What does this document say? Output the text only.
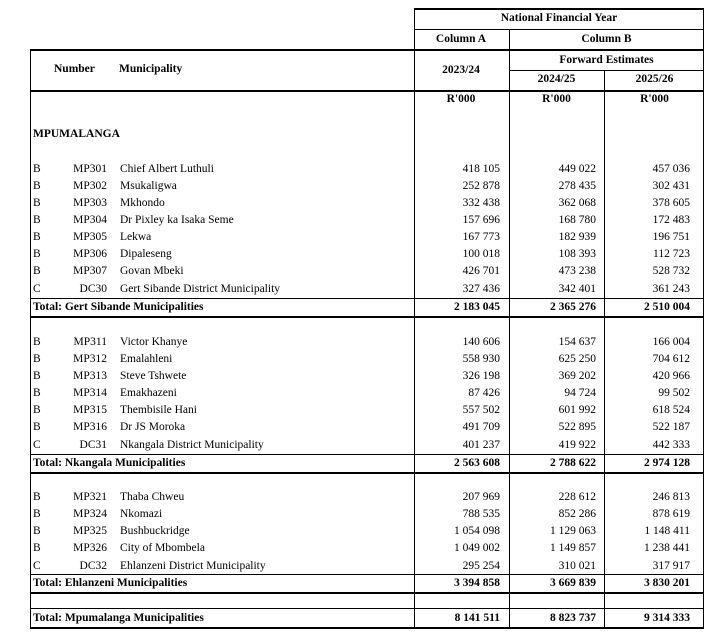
National Financial Year
Column A	Column B
Forward Estimates
Number Municipality	2023/24
2024/25	2025/26
R'000	R'000	R'000
MPUMALANGA
B	MP301 Chief Albert Luthuli	418 105	449 022	457 036
B	MP302 Msukaligwa	252 878	278 435	302 431
B	MP303 Mkhondo	332 438	362 068	378 605
B	MP304 Dr Pixley ka Isaka Seme	157 696	168 780	172 483
B	MP305 Lekwa	167 773	182 939	196 751
B	MP306 Dipaleseng	100 018	108 393	112 723
B	MP307 Govan Mbeki	426 701	473 238	528 732
C	DC30 Gert Sibande District Municipality	327 436	342 401	361 243
Total: Gert Sibande Municipalities	2 183 045	2 365 276	2 510 004
B	MP311 Victor Khanye	140 606	154 637	166 004
B	MP312 Emalahleni	558 930	625 250	704 612
B	MP313 Steve Tshwete	326 198	369 202	420 966
B	MP314 Emakhazeni	87 426	94 724	99 502
B	MP315 Thembisile Hani	557 502	601 992	618 524
B	MP316 Dr JS Moroka	491 709	522 895	522 187
C	DC31 Nkangala District Municipality	401 237	419 922	442 333
Total: Nkangala Municipalities	2 563 608	2 788 622	2 974 128
B	MP321 Thaba Chweu	207 969	228 612	246 813
B	MP324 Nkomazi	788 535	852 286	878 619
B	MP325 Bushbuckridge	1 054 098	1 129 063	1 148 411
B	MP326 City of Mbombela	1 049 002	1 149 857	1 238 441
C	DC32 Ehlanzeni District Municipality	295 254	310 021	317 917
Total: Ehlanzeni Municipalities	3 394 858	3 669 839	3 830 201
Total: Mpumalanga Municipalities	8 141 511	8 823 737	9 314 333
